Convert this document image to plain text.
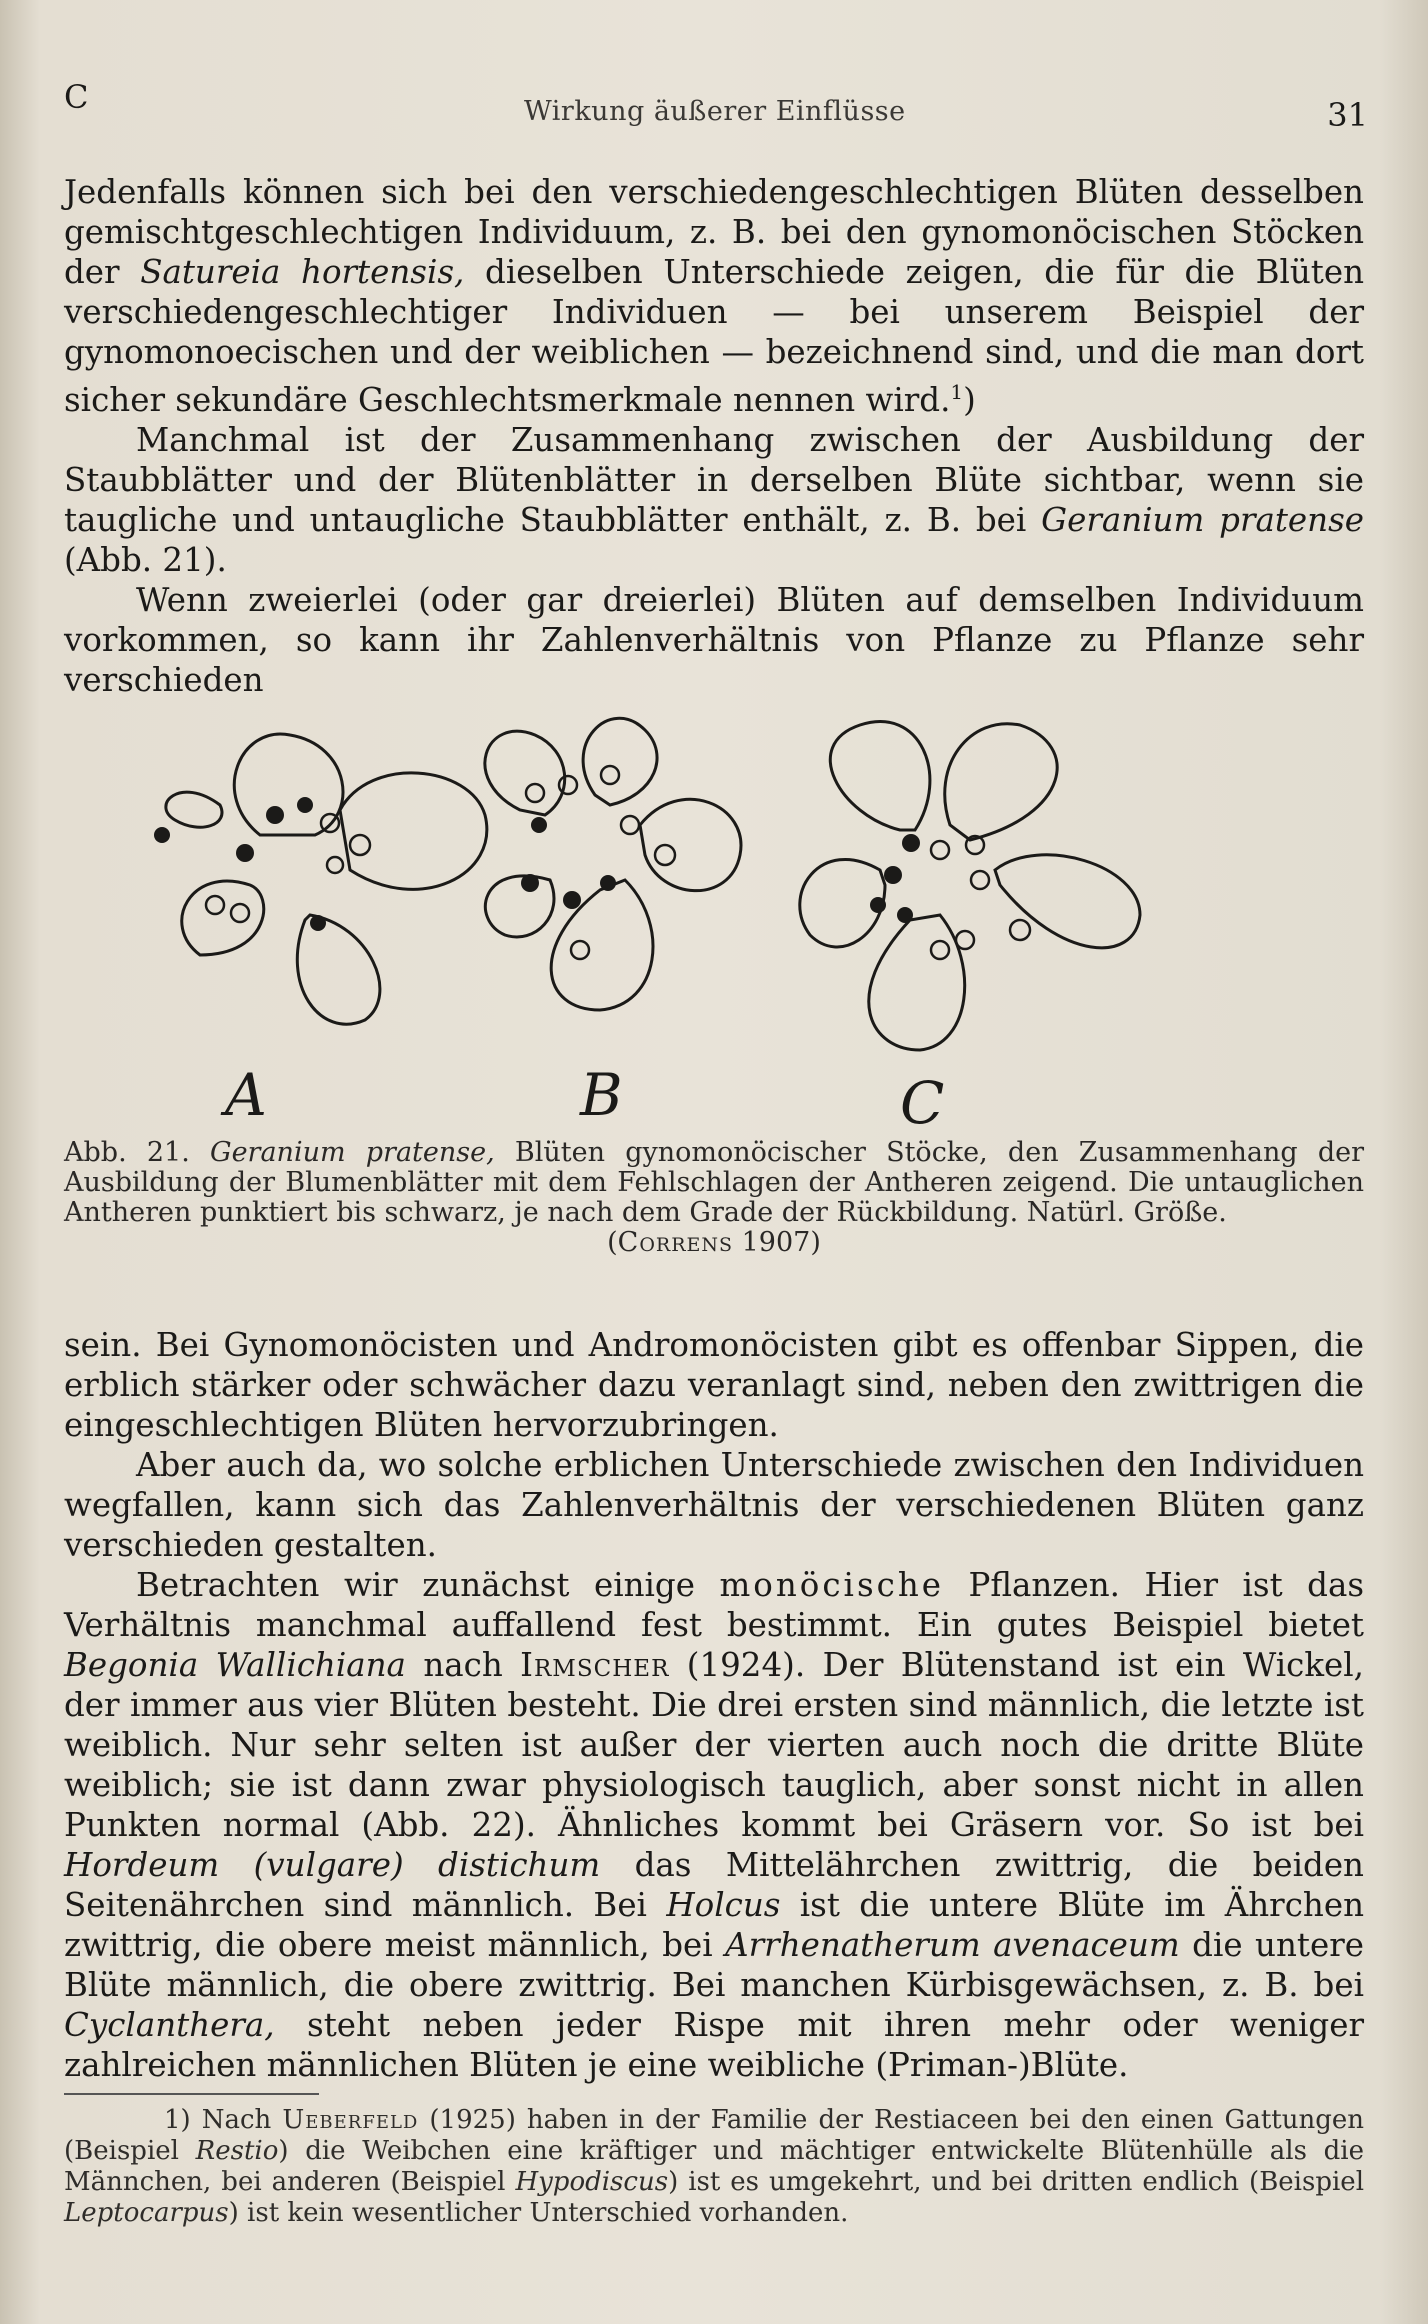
C	Wirkung äußerer Einflüsse	31

Jedenfalls können sich bei den verschiedengeschlechtigen Blüten desselben gemischtgeschlechtigen Individuum, z. B. bei den gynomonöcischen Stöcken der Satureia hortensis, dieselben Unterschiede zeigen, die für die Blüten verschiedengeschlechtiger Individuen — bei unserem Beispiel der gynomonoecischen und der weiblichen — bezeichnend sind, und die man dort sicher sekundäre Geschlechtsmerkmale nennen wird.$^1$)

Manchmal ist der Zusammenhang zwischen der Ausbildung der Staubblätter und der Blütenblätter in derselben Blüte sichtbar, wenn sie taugliche und untaugliche Staubblätter enthält, z. B. bei Geranium pratense (Abb. 21).

Wenn zweierlei (oder gar dreierlei) Blüten auf demselben Individuum vorkommen, so kann ihr Zahlenverhältnis von Pflanze zu Pflanze sehr verschieden

A	B	C

Abb. 21. Geranium pratense, Blüten gynomonöcischer Stöcke, den Zusammenhang der Ausbildung der Blumenblätter mit dem Fehlschlagen der Antheren zeigend. Die untauglichen Antheren punktiert bis schwarz, je nach dem Grade der Rückbildung. Natürl. Größe.

(Correns 1907)

sein. Bei Gynomonöcisten und Andromonöcisten gibt es offenbar Sippen, die erblich stärker oder schwächer dazu veranlagt sind, neben den zwittrigen die eingeschlechtigen Blüten hervorzubringen.

Aber auch da, wo solche erblichen Unterschiede zwischen den Individuen wegfallen, kann sich das Zahlenverhältnis der verschiedenen Blüten ganz verschieden gestalten.

Betrachten wir zunächst einige monöcische Pflanzen. Hier ist das Verhältnis manchmal auffallend fest bestimmt. Ein gutes Beispiel bietet Begonia Wallichiana nach Irmscher (1924). Der Blütenstand ist ein Wickel, der immer aus vier Blüten besteht. Die drei ersten sind männlich, die letzte ist weiblich. Nur sehr selten ist außer der vierten auch noch die dritte Blüte weiblich; sie ist dann zwar physiologisch tauglich, aber sonst nicht in allen Punkten normal (Abb. 22). Ähnliches kommt bei Gräsern vor. So ist bei Hordeum (vulgare) distichum das Mittelährchen zwittrig, die beiden Seitenährchen sind männlich. Bei Holcus ist die untere Blüte im Ährchen zwittrig, die obere meist männlich, bei Arrhenatherum avenaceum die untere Blüte männlich, die obere zwittrig. Bei manchen Kürbisgewächsen, z. B. bei Cyclanthera, steht neben jeder Rispe mit ihren mehr oder weniger zahlreichen männlichen Blüten je eine weibliche (Priman-)Blüte.

1) Nach Ueberfeld (1925) haben in der Familie der Restiaceen bei den einen Gattungen (Beispiel Restio) die Weibchen eine kräftiger und mächtiger entwickelte Blütenhülle als die Männchen, bei anderen (Beispiel Hypodiscus) ist es umgekehrt, und bei dritten endlich (Beispiel Leptocarpus) ist kein wesentlicher Unterschied vorhanden.
